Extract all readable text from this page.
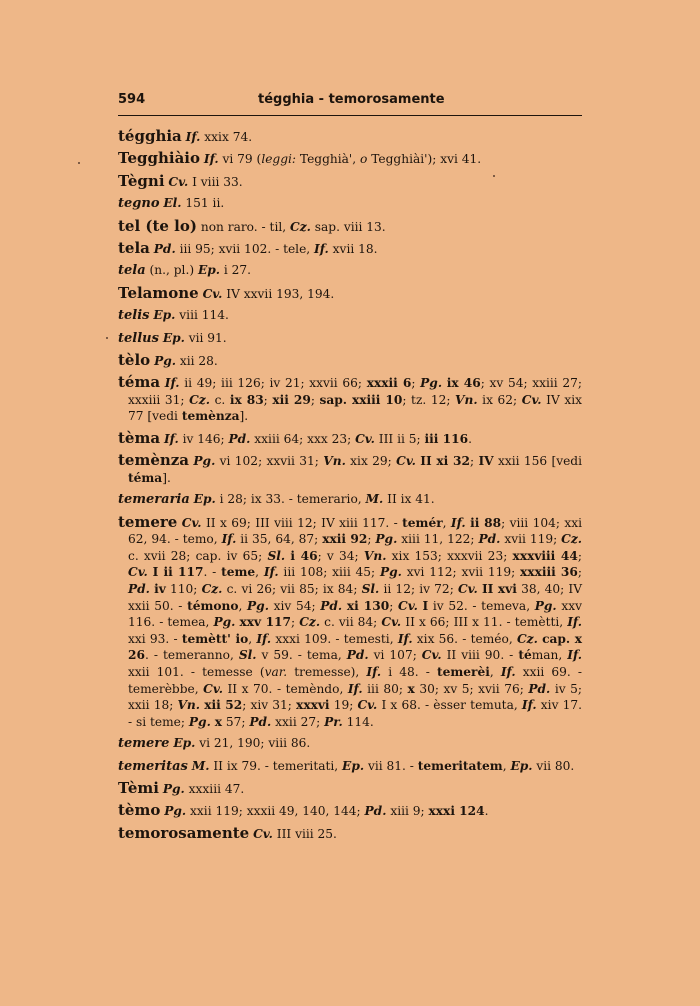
594	tégghia - temorosamente
tégghia If. xxix 74.
Tegghiàio If. vi 79 (leggi: Tegghià', o Tegghiài'); xvi 41.
Tègni Cv. I viii 33.
tegno El. 151 ii.
tel (te lo) non raro. - til, Cz. sap. viii 13.
tela Pd. iii 95; xvii 102. - tele, If. xvii 18.
tela (n., pl.) Ep. i 27.
Telamone Cv. IV xxvii 193, 194.
telis Ep. viii 114.
tellus Ep. vii 91.
tèlo Pg. xii 28.
téma If. ii 49; iii 126; iv 21; xxvii 66; xxxii 6; Pg. ix 46; xv 54; xxiii 27; xxxiii 31; Cz. c. ix 83; xii 29; sap. xxiii 10; tz. 12; Vn. ix 62; Cv. IV xix 77 [vedi temènza].
tèma If. iv 146; Pd. xxiii 64; xxx 23; Cv. III ii 5; iii 116.
temènza Pg. vi 102; xxvii 31; Vn. xix 29; Cv. II xi 32; IV xxii 156 [vedi téma].
temeraria Ep. i 28; ix 33. - temerario, M. II ix 41.
temere Cv. II x 69; III viii 12; IV xiii 117. - temér, If. ii 88; viii 104; xxi 62, 94. - temo, If. ii 35, 64, 87; xxii 92; Pg. xiii 11, 122; Pd. xvii 119; Cz. c. xvii 28; cap. iv 65; Sl. i 46; v 34; Vn. xix 153; xxxvii 23; xxxviii 44; Cv. I ii 117. - teme, If. iii 108; xiii 45; Pg. xvi 112; xvii 119; xxxiii 36; Pd. iv 110; Cz. c. vi 26; vii 85; ix 84; Sl. ii 12; iv 72; Cv. II xvi 38, 40; IV xxii 50. - témono, Pg. xiv 54; Pd. xi 130; Cv. I iv 52. - temeva, Pg. xxv 116. - temea, Pg. xxv 117; Cz. c. vii 84; Cv. II x 66; III x 11. - temètti, If. xxi 93. - temètt' io, If. xxxi 109. - temesti, If. xix 56. - teméo, Cz. cap. x 26. - temeranno, Sl. v 59. - tema, Pd. vi 107; Cv. II viii 90. - téman, If. xxii 101. - temesse (var. tremesse), If. i 48. - temerèi, If. xxii 69. - temerèbbe, Cv. II x 70. - temèndo, If. iii 80; x 30; xv 5; xvii 76; Pd. iv 5; xxii 18; Vn. xii 52; xiv 31; xxxvi 19; Cv. I x 68. - èsser temuta, If. xiv 17. - si teme; Pg. x 57; Pd. xxii 27; Pr. 114.
temere Ep. vi 21, 190; viii 86.
temeritas M. II ix 79. - temeritati, Ep. vii 81. - temeritatem, Ep. vii 80.
Tèmi Pg. xxxiii 47.
tèmo Pg. xxii 119; xxxii 49, 140, 144; Pd. xiii 9; xxxi 124.
temorosamente Cv. III viii 25.
